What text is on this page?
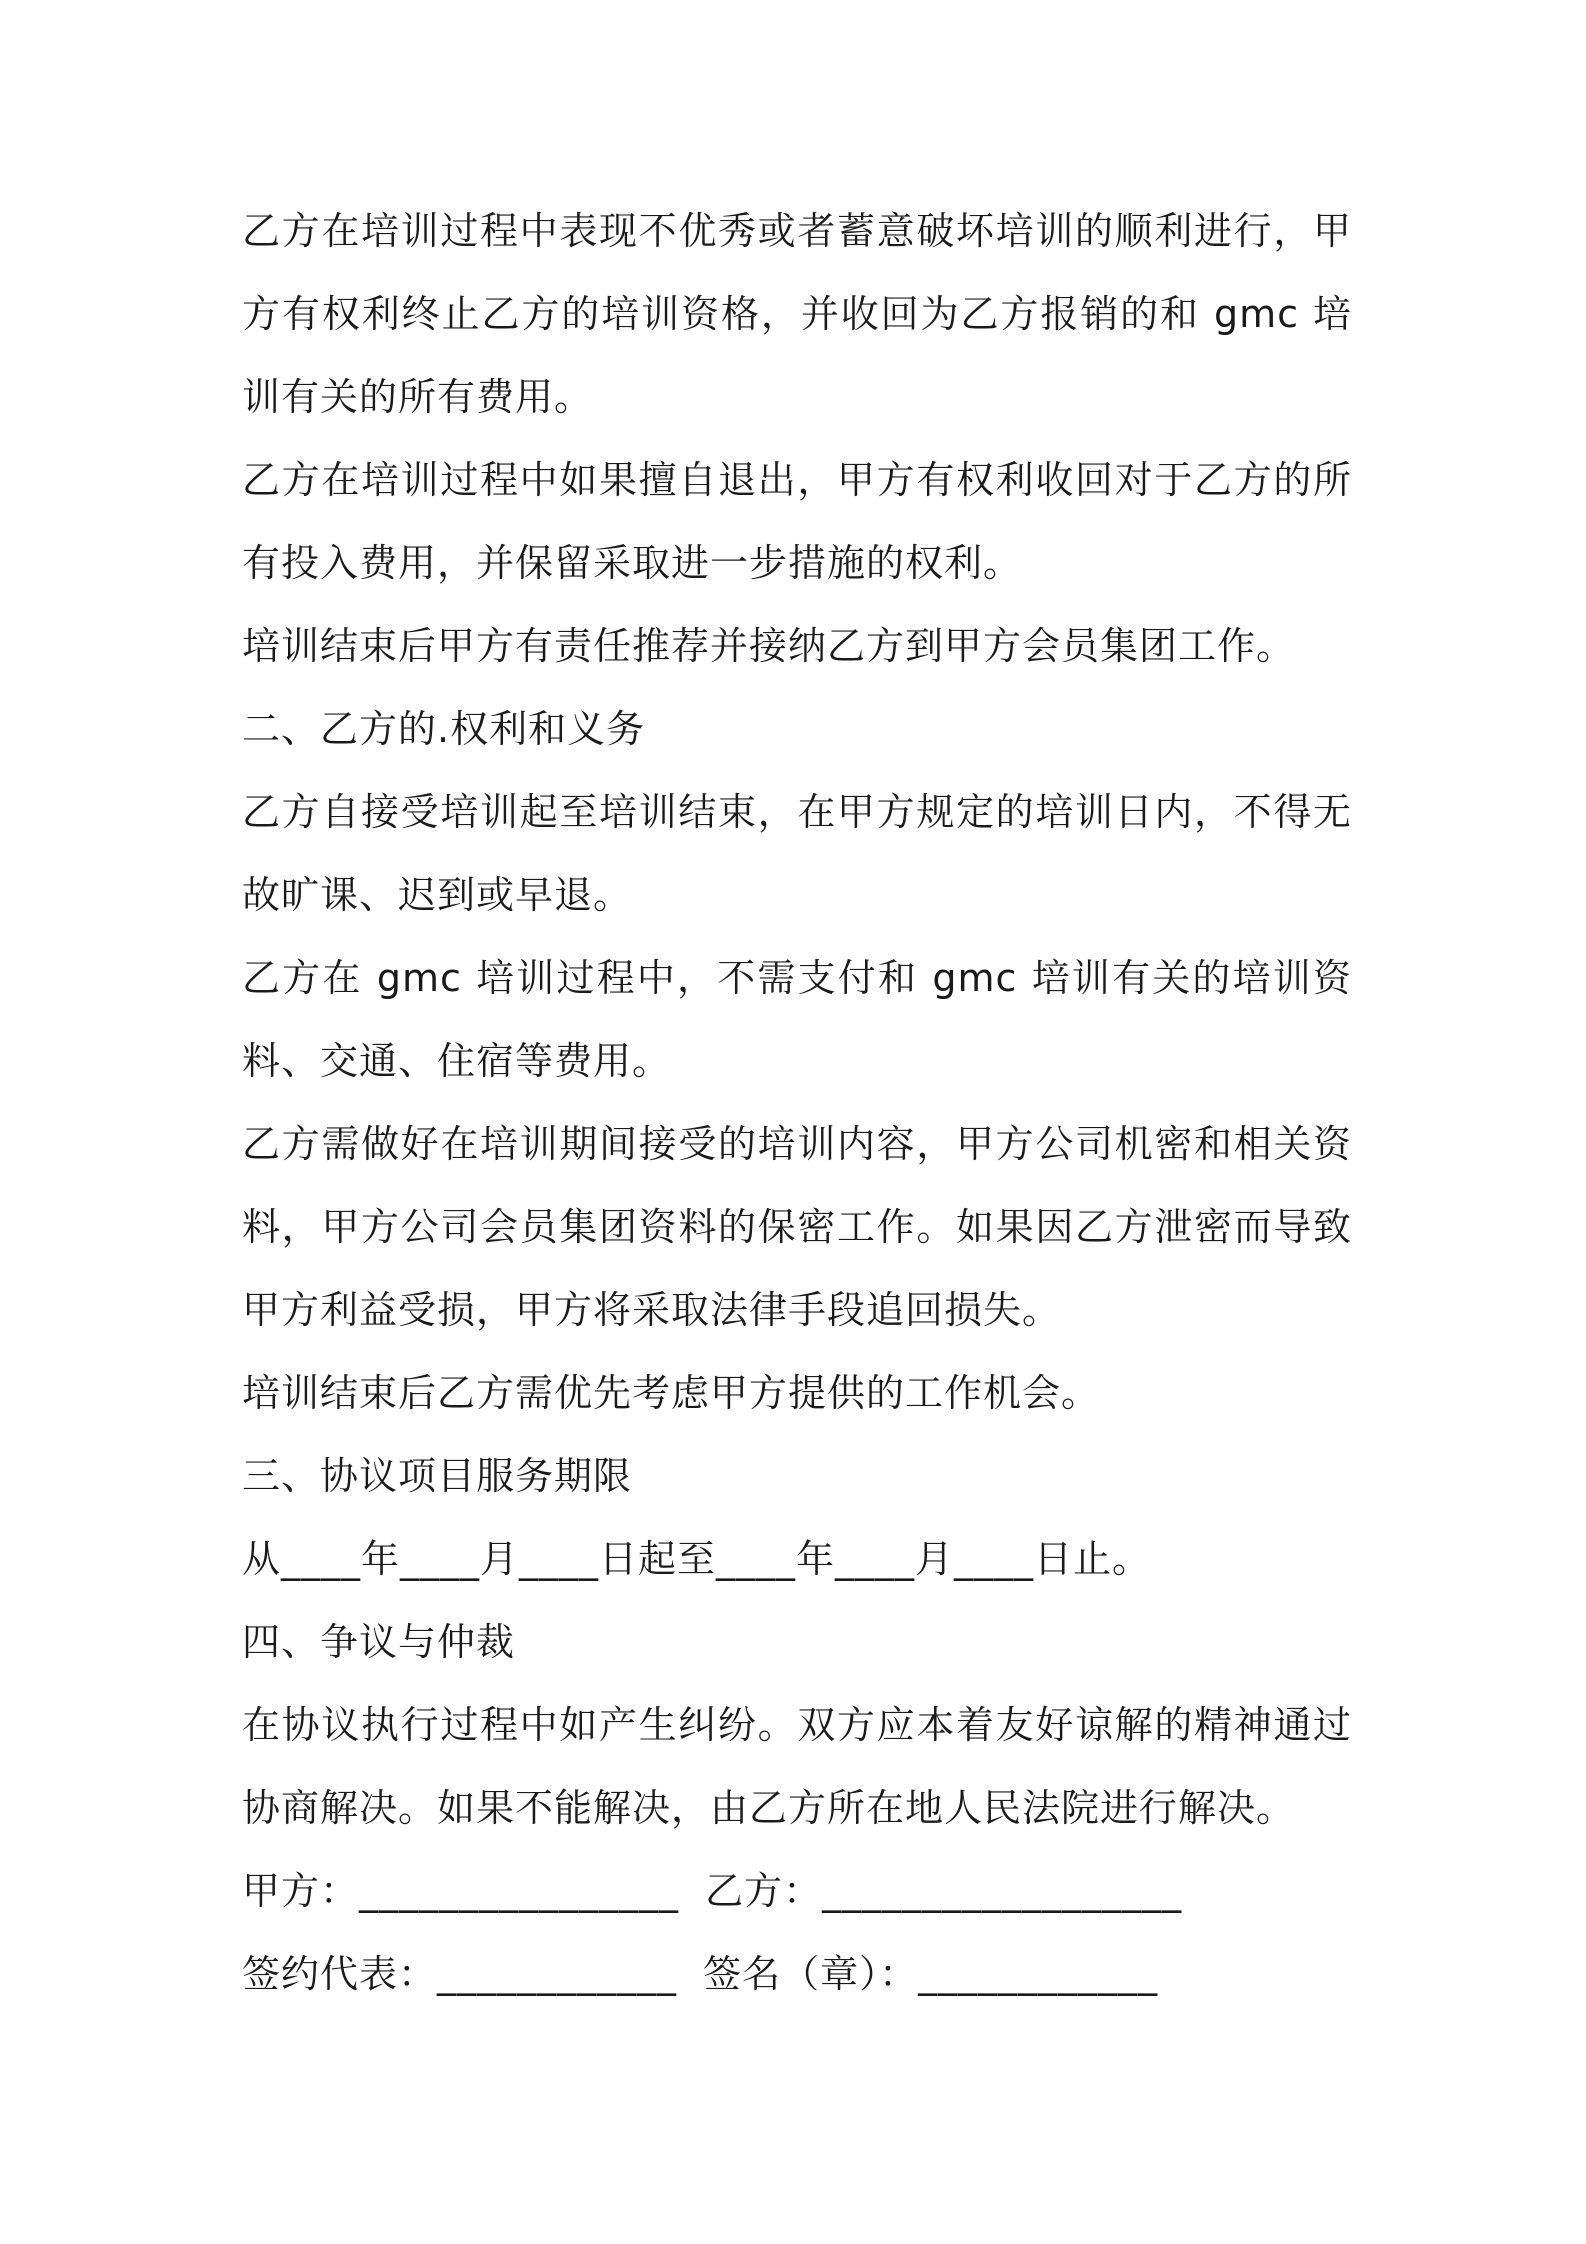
乙方在培训过程中表现不优秀或者蓄意破坏培训的顺利进行，甲方有权利终止乙方的培训资格，并收回为乙方报销的和 gmc 培训有关的所有费用。

乙方在培训过程中如果擅自退出，甲方有权利收回对于乙方的所有投入费用，并保留采取进一步措施的权利。

培训结束后甲方有责任推荐并接纳乙方到甲方会员集团工作。

二、乙方的.权利和义务

乙方自接受培训起至培训结束，在甲方规定的培训日内，不得无故旷课、迟到或早退。

乙方在 gmc 培训过程中，不需支付和 gmc 培训有关的培训资料、交通、住宿等费用。

乙方需做好在培训期间接受的培训内容，甲方公司机密和相关资料，甲方公司会员集团资料的保密工作。如果因乙方泄密而导致甲方利益受损，甲方将采取法律手段追回损失。

培训结束后乙方需优先考虑甲方提供的工作机会。

三、协议项目服务期限

从____年____月____日起至____年____月____日止。

四、争议与仲裁

在协议执行过程中如产生纠纷。双方应本着友好谅解的精神通过协商解决。如果不能解决，由乙方所在地人民法院进行解决。

甲方：________________  乙方：__________________

签约代表：____________  签名（章）：____________
